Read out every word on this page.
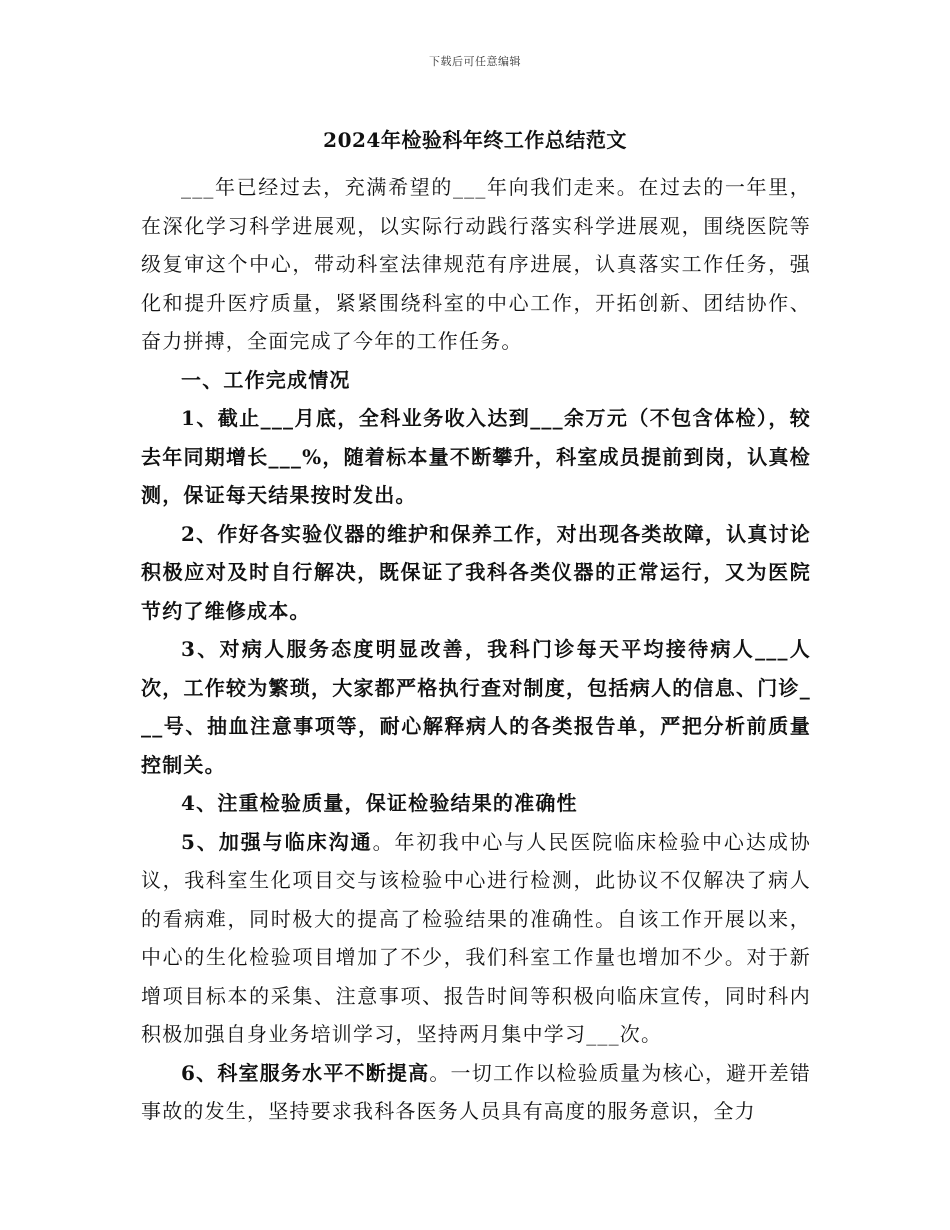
下载后可任意编辑
2024年检验科年终工作总结范文

___年已经过去，充满希望的___年向我们走来。在过去的一年里，在深化学习科学进展观，以实际行动践行落实科学进展观，围绕医院等级复审这个中心，带动科室法律规范有序进展，认真落实工作任务，强化和提升医疗质量，紧紧围绕科室的中心工作，开拓创新、团结协作、奋力拼搏，全面完成了今年的工作任务。

一、工作完成情况

1、截止___月底，全科业务收入达到___余万元（不包含体检），较去年同期增长___%，随着标本量不断攀升，科室成员提前到岗，认真检测，保证每天结果按时发出。

2、作好各实验仪器的维护和保养工作，对出现各类故障，认真讨论积极应对及时自行解决，既保证了我科各类仪器的正常运行，又为医院节约了维修成本。

3、对病人服务态度明显改善，我科门诊每天平均接待病人___人次，工作较为繁琐，大家都严格执行查对制度，包括病人的信息、门诊___号、抽血注意事项等，耐心解释病人的各类报告单，严把分析前质量控制关。

4、注重检验质量，保证检验结果的准确性

5、加强与临床沟通。年初我中心与人民医院临床检验中心达成协议，我科室生化项目交与该检验中心进行检测，此协议不仅解决了病人的看病难，同时极大的提高了检验结果的准确性。自该工作开展以来，中心的生化检验项目增加了不少，我们科室工作量也增加不少。对于新增项目标本的采集、注意事项、报告时间等积极向临床宣传，同时科内积极加强自身业务培训学习，坚持两月集中学习___次。

6、科室服务水平不断提高。一切工作以检验质量为核心，避开差错事故的发生，坚持要求我科各医务人员具有高度的服务意识，全力
